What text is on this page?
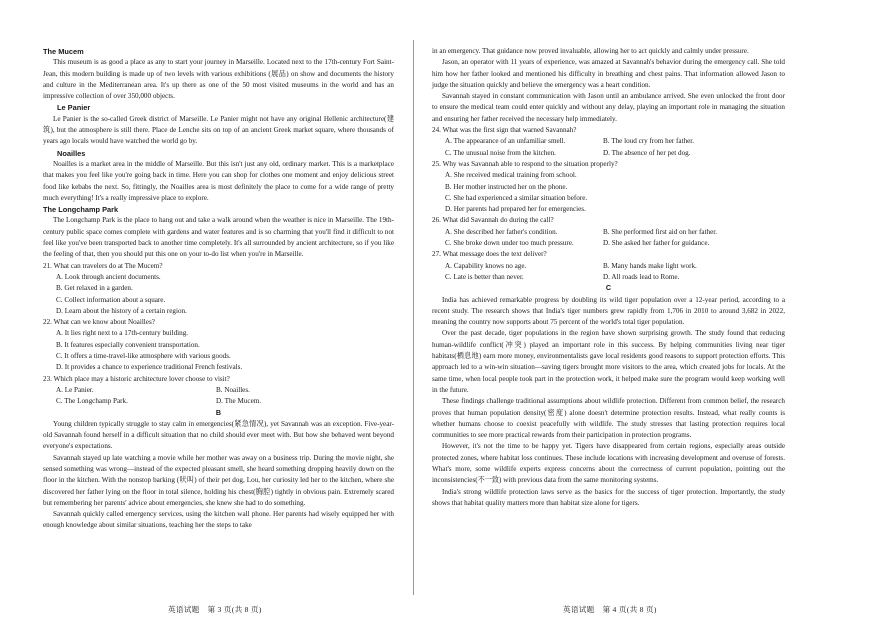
The Mucem

This museum is as good a place as any to start your journey in Marseille. Located next to the 17th-century Fort Saint-Jean, this modern building is made up of two levels with various exhibitions (展品) on show and documents the history and culture in the Mediterranean area. It's up there as one of the 50 most visited museums in the world and has an impressive collection of over 350,000 objects.

Le Panier

Le Panier is the so-called Greek district of Marseille. Le Panier might not have any original Hellenic architecture(建筑), but the atmosphere is still there. Place de Lenche sits on top of an ancient Greek market square, where thousands of years ago locals would have watched the world go by.

Noailles

Noailles is a market area in the middle of Marseille. But this isn't just any old, ordinary market. This is a marketplace that makes you feel like you're going back in time. Here you can shop for clothes one moment and enjoy delicious street food like kebabs the next. So, fittingly, the Noailles area is most definitely the place to come for a wide range of pretty much everything! It's a really impressive place to explore.

The Longchamp Park

The Longchamp Park is the place to hang out and take a walk around when the weather is nice in Marseille. The 19th-century public space comes complete with gardens and water features and is so charming that you'll find it difficult to not feel like you've been transported back to another time completely. It's all surrounded by ancient architecture, so if you like the feeling of that, then you should put this one on your to-do list when you're in Marseille.

21. What can travelers do at The Mucem?

A. Look through ancient documents.

B. Get relaxed in a garden.

C. Collect information about a square.

D. Learn about the history of a certain region.

22. What can we know about Noailles?

A. It lies right next to a 17th-century building.

B. It features especially convenient transportation.

C. It offers a time-travel-like atmosphere with various goods.

D. It provides a chance to experience traditional French festivals.

23. Which place may a historic architecture lover choose to visit?

A. Le Panier.	B. Noailles.
C. The Longchamp Park.	D. The Mucem.

B

Young children typically struggle to stay calm in emergencies(紧急情况), yet Savannah was an exception. Five-year-old Savannah found herself in a difficult situation that no child should ever meet with. But how she behaved went beyond everyone's expectations.

Savannah stayed up late watching a movie while her mother was away on a business trip. During the movie night, she sensed something was wrong—instead of the expected pleasant smell, she heard something dropping heavily down on the floor in the kitchen. With the nonstop barking (吠叫) of their pet dog, Lou, her curiosity led her to the kitchen, where she discovered her father lying on the floor in total silence, holding his chest(胸腔) tightly in obvious pain. Extremely scared but remembering her parents' advice about emergencies, she knew she had to do something.

Savannah quickly called emergency services, using the kitchen wall phone. Her parents had wisely equipped her with enough knowledge about similar situations, teaching her the steps to take

in an emergency. That guidance now proved invaluable, allowing her to act quickly and calmly under pressure.

Jason, an operator with 11 years of experience, was amazed at Savannah's behavior during the emergency call. She told him how her father looked and mentioned his difficulty in breathing and chest pains. That information allowed Jason to judge the situation quickly and believe the emergency was a heart condition.

Savannah stayed in constant communication with Jason until an ambulance arrived. She even unlocked the front door to ensure the medical team could enter quickly and without any delay, playing an important role in managing the situation and ensuring her father received the necessary help immediately.

24. What was the first sign that warned Savannah?

A. The appearance of an unfamiliar smell.	B. The loud cry from her father.
C. The unusual noise from the kitchen.	D. The absence of her pet dog.

25. Why was Savannah able to respond to the situation properly?

A. She received medical training from school.

B. Her mother instructed her on the phone.

C. She had experienced a similar situation before.

D. Her parents had prepared her for emergencies.

26. What did Savannah do during the call?

A. She described her father's condition.	B. She performed first aid on her father.
C. She broke down under too much pressure.	D. She asked her father for guidance.

27. What message does the text deliver?

A. Capability knows no age.	B. Many hands make light work.
C. Late is better than never.	D. All roads lead to Rome.

C

India has achieved remarkable progress by doubling its wild tiger population over a 12-year period, according to a recent study. The research shows that India's tiger numbers grew rapidly from 1,706 in 2010 to around 3,682 in 2022, meaning the country now supports about 75 percent of the world's total tiger population.

Over the past decade, tiger populations in the region have shown surprising growth. The study found that reducing human-wildlife conflict(冲突) played an important role in this success. By helping communities living near tiger habitats(栖息地) earn more money, environmentalists gave local residents good reasons to support protection efforts. This approach led to a win-win situation—saving tigers brought more visitors to the area, which created jobs for locals. At the same time, when local people took part in the protection work, it helped make sure the program would keep working well in the future.

These findings challenge traditional assumptions about wildlife protection. Different from common belief, the research proves that human population density(密度) alone doesn't determine protection results. Instead, what really counts is whether humans choose to coexist peacefully with wildlife. The study stresses that lasting protection requires local communities to see more practical rewards from their participation in protection programs.

However, it's not the time to be happy yet. Tigers have disappeared from certain regions, especially areas outside protected zones, where habitat loss continues. These include locations with increasing development and overuse of forests. What's more, some wildlife experts express concerns about the correctness of current population, pointing out the inconsistencies(不一致) with previous data from the same monitoring systems.

India's strong wildlife protection laws serve as the basics for the success of tiger protection. Importantly, the study shows that habitat quality matters more than habitat size alone for tigers.

英语试题　第 3 页(共 8 页)	英语试题　第 4 页(共 8 页)
